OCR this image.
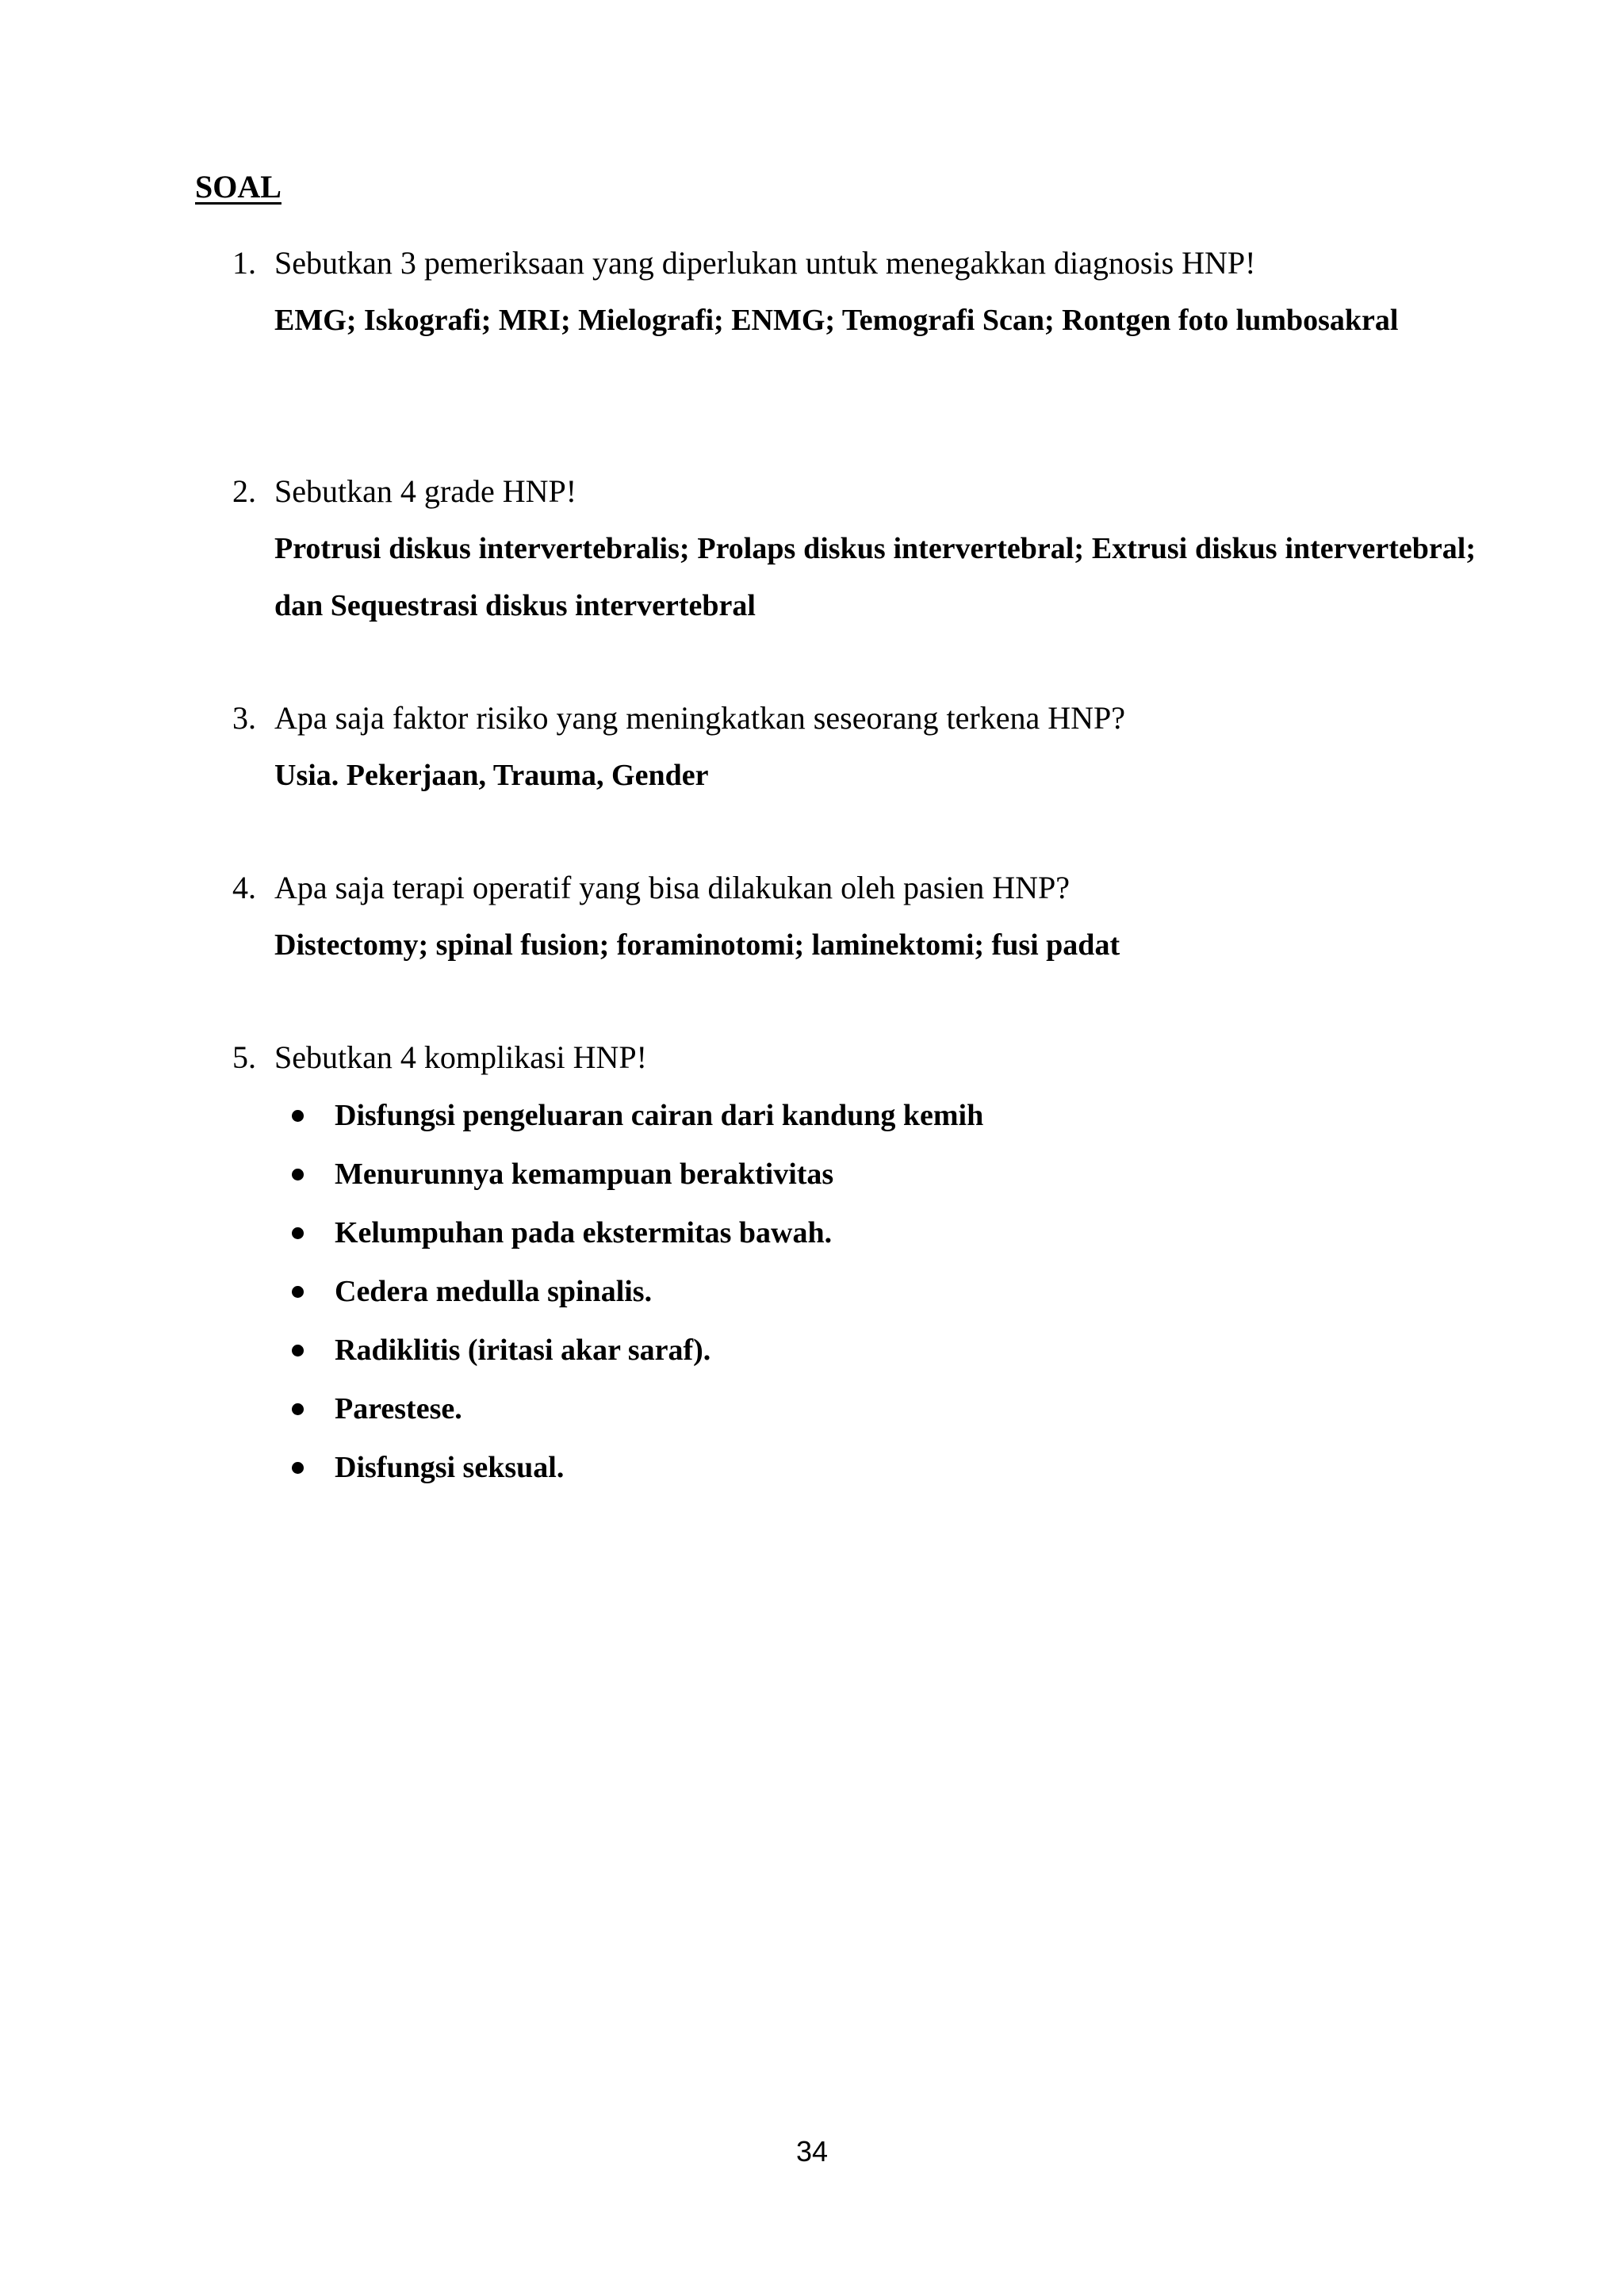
SOAL
1. Sebutkan 3 pemeriksaan yang diperlukan untuk menegakkan diagnosis HNP!
EMG; Iskografi; MRI; Mielografi; ENMG; Temografi Scan; Rontgen foto lumbosakral
2. Sebutkan 4 grade HNP!
Protrusi diskus intervertebralis; Prolaps diskus intervertebral; Extrusi diskus intervertebral; dan Sequestrasi diskus intervertebral
3. Apa saja faktor risiko yang meningkatkan seseorang terkena HNP?
Usia. Pekerjaan, Trauma, Gender
4. Apa saja terapi operatif yang bisa dilakukan oleh pasien HNP?
Distectomy; spinal fusion; foraminotomi; laminektomi; fusi padat
5. Sebutkan 4 komplikasi HNP!
Disfungsi pengeluaran cairan dari kandung kemih
Menurunnya kemampuan beraktivitas
Kelumpuhan pada ekstermitas bawah.
Cedera medulla spinalis.
Radiklitis (iritasi akar saraf).
Parestese.
Disfungsi seksual.
34
